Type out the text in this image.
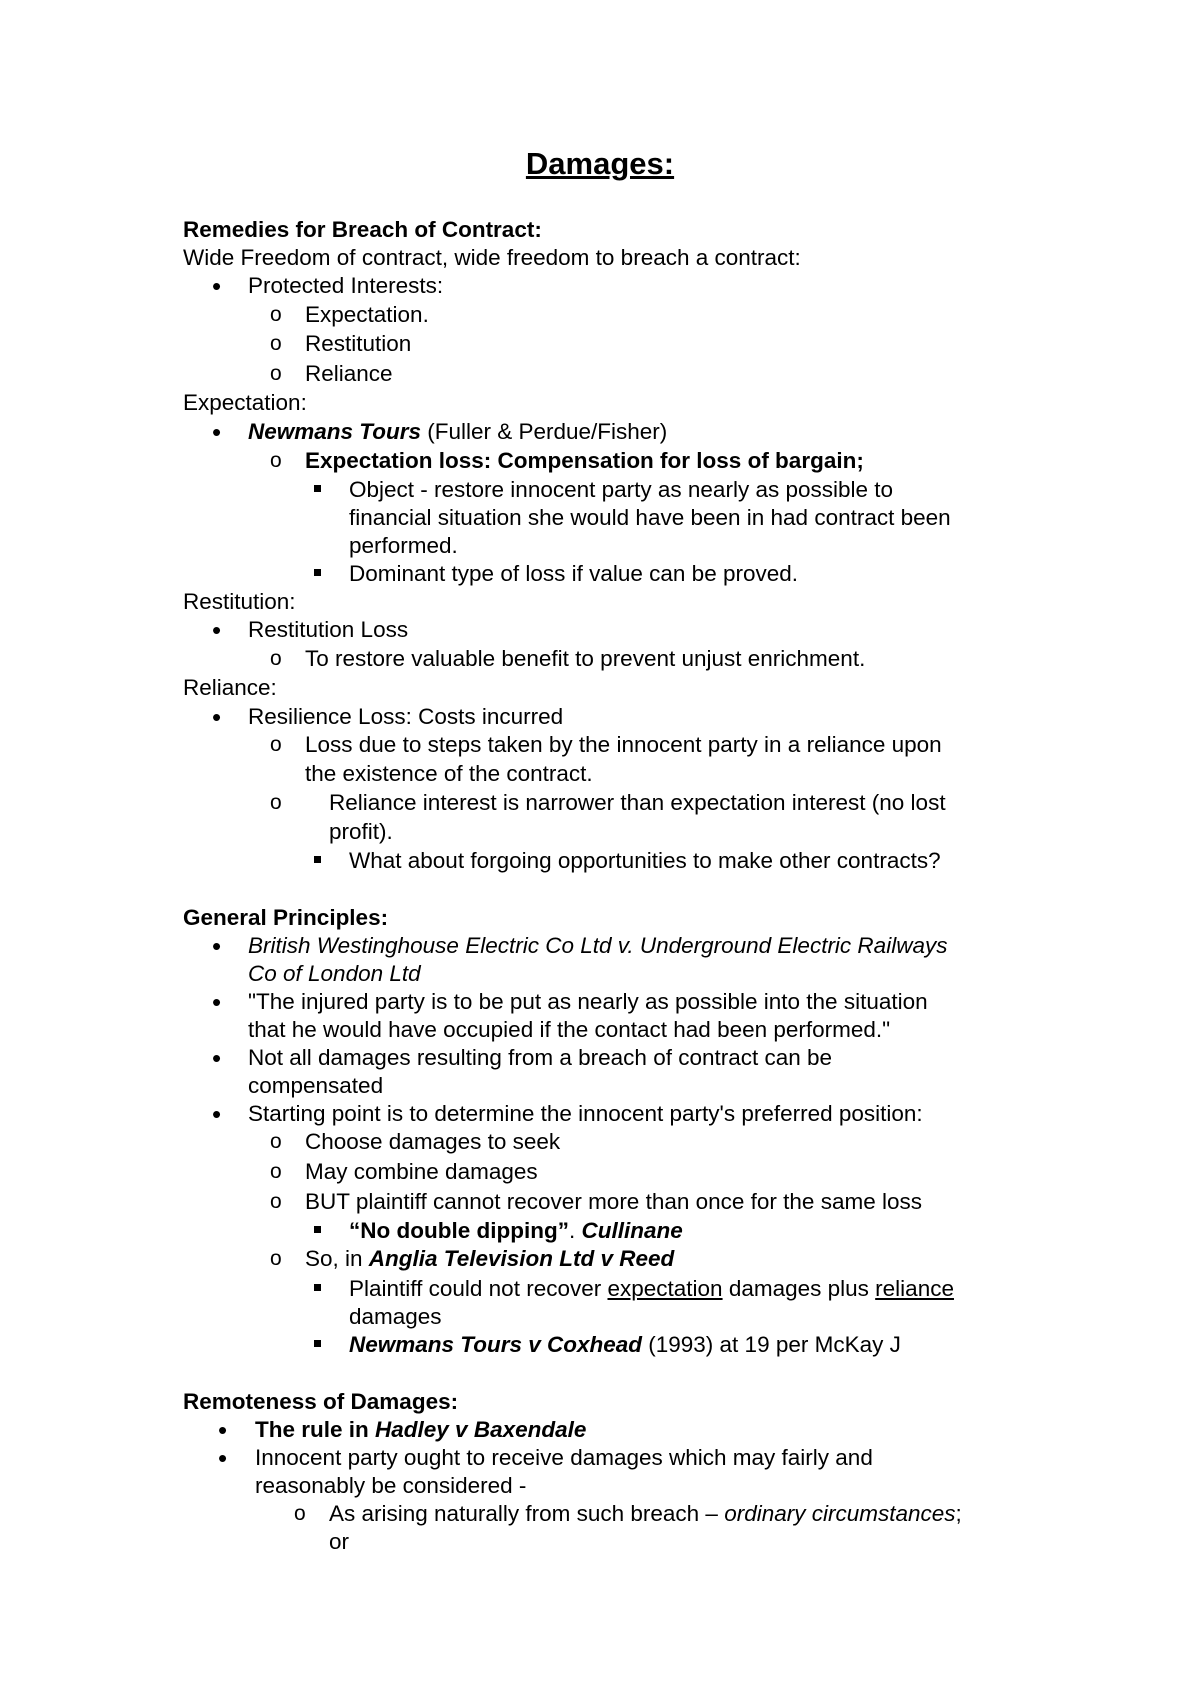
Damages:
Remedies for Breach of Contract:
Wide Freedom of contract, wide freedom to breach a contract:
•
Protected Interests:
o
Expectation.
o
Restitution
o
Reliance
Expectation:
•
Newmans Tours (Fuller & Perdue/Fisher)
o
Expectation loss: Compensation for loss of bargain;
Object - restore innocent party as nearly as possible to
financial situation she would have been in had contract been
performed.
Dominant type of loss if value can be proved.
Restitution:
•
Restitution Loss
o
To restore valuable benefit to prevent unjust enrichment.
Reliance:
•
Resilience Loss: Costs incurred
o
Loss due to steps taken by the innocent party in a reliance upon
the existence of the contract.
o
Reliance interest is narrower than expectation interest (no lost
profit).
What about forgoing opportunities to make other contracts?
General Principles:
•
British Westinghouse Electric Co Ltd v. Underground Electric Railways
Co of London Ltd
•
"The injured party is to be put as nearly as possible into the situation
that he would have occupied if the contact had been performed."
•
Not all damages resulting from a breach of contract can be
compensated
•
Starting point is to determine the innocent party's preferred position:
o
Choose damages to seek
o
May combine damages
o
BUT plaintiff cannot recover more than once for the same loss
“No double dipping”. Cullinane
o
So, in Anglia Television Ltd v Reed
Plaintiff could not recover expectation damages plus reliance
damages
Newmans Tours v Coxhead (1993) at 19 per McKay J
Remoteness of Damages:
•
The rule in Hadley v Baxendale
•
Innocent party ought to receive damages which may fairly and
reasonably be considered -
o
As arising naturally from such breach – ordinary circumstances;
or
